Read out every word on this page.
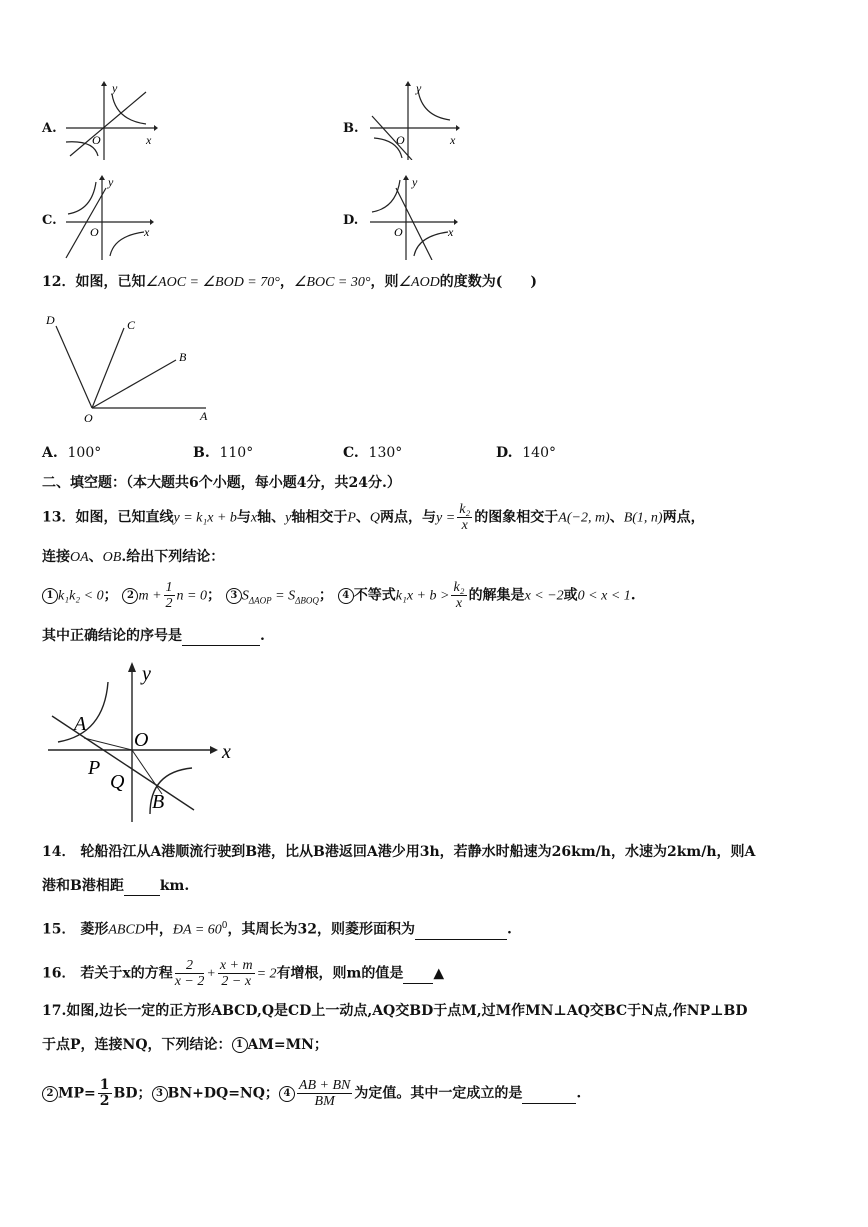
A.
y
x
O
B.
y
x
O
C.
y
x
O
D.
y
x
O
12．如图，已知∠AOC = ∠BOD = 70°，∠BOC = 30°，则∠AOD的度数为( )
D	C
B
O	A
A. 100°	B. 110°	C. 130°	D. 140°
二、填空题：（本大题共6个小题，每小题4分，共24分.）
13．如图，已知直线y = k₁x + b与x轴、y轴相交于P、Q两点，与$y = \frac{\text{k₂}}{x}$ 的图象相交于A(−2, m)、B(1, n)两点，
连接OA、OB.给出下列结论：
1 k₁k₂ < 0； 2 $m + \frac{1}{2}$ n = 0； 3 $S_{\Delta AOP} = S_{\Delta BOQ}$； 4 不等式$k_1x + b > \frac{\text{k₂}}{x}$ 的解集是x < −2或0 < x < 1.
其中正确结论的序号是	.
y
x
O
A
P
Q
B
14． 轮船沿江从A港顺流行驶到B港，比从B港返回A港少用3h，若静水时船速为26km/h，水速为2km/h，则A
港和B港相距	km.
15． 菱形ABCD中，ÐA = $60^0$，其周长为32，则菱形面积为	.
16． 若关于x的方程 $\frac{2}{x - 2} + \frac{x + m}{2 - x} = 2$有增根，则m的值是 ▲
17.如图,边长一定的正方形ABCD,Q是CD上一动点,AQ交BD于点M,过M作MN⊥AQ交BC于N点,作NP⊥BD
于点P，连接NQ，下列结论： 1 AM=MN；
2 $MP= \frac{1}{2}$ BD； 3 BN+DQ=NQ； $4 \frac{AB + BN}{BM}$ 为定值。其中一定成立的是	.
